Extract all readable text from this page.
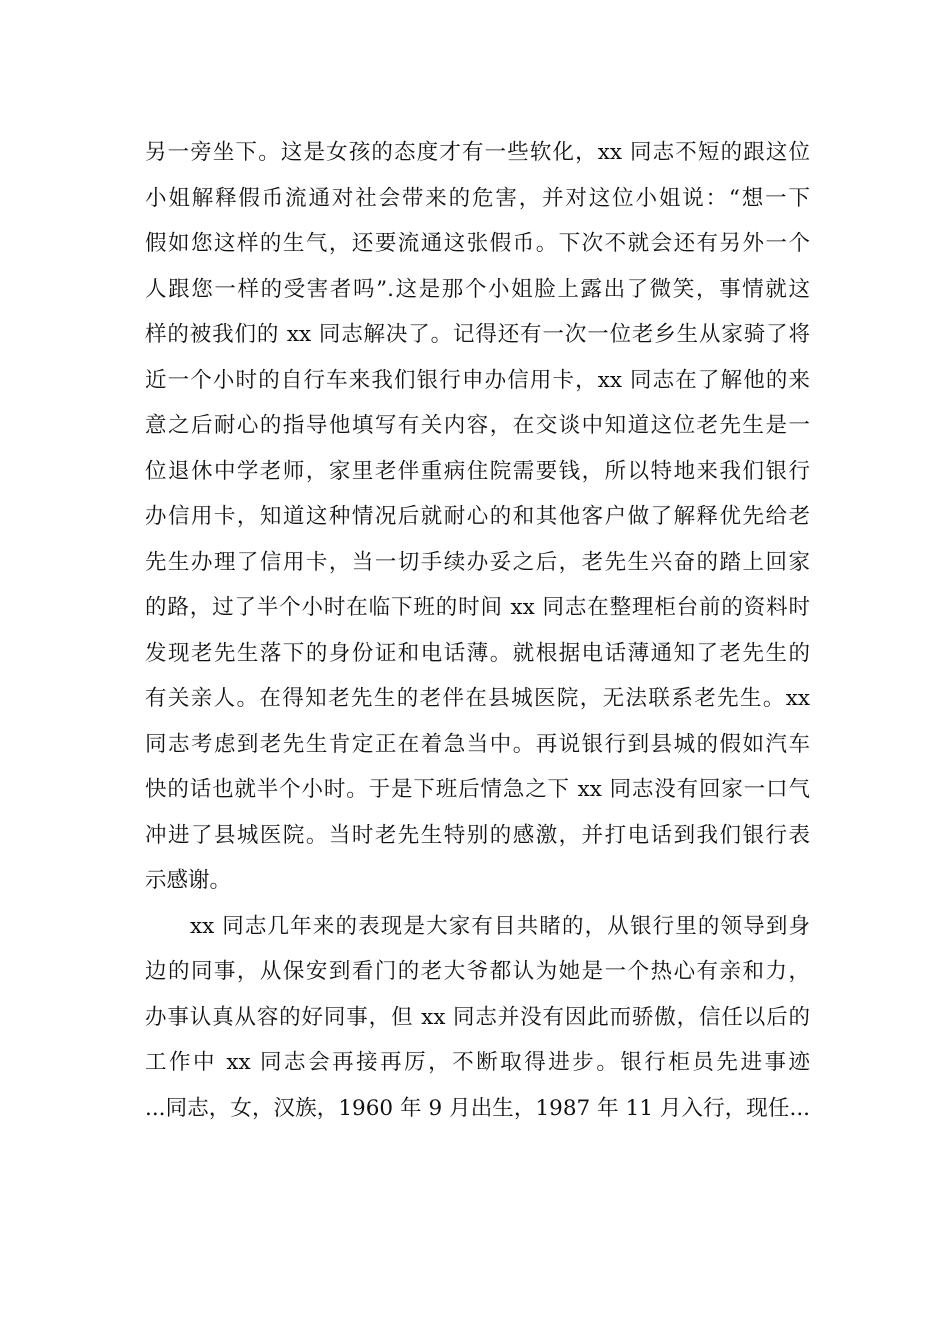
另一旁坐下。这是女孩的态度才有一些软化，xx 同志不短的跟这位
小姐解释假币流通对社会带来的危害，并对这位小姐说：“想一下
假如您这样的生气，还要流通这张假币。下次不就会还有另外一个
人跟您一样的受害者吗”.这是那个小姐脸上露出了微笑，事情就这
样的被我们的 xx 同志解决了。记得还有一次一位老乡生从家骑了将
近一个小时的自行车来我们银行申办信用卡，xx 同志在了解他的来
意之后耐心的指导他填写有关内容，在交谈中知道这位老先生是一
位退休中学老师，家里老伴重病住院需要钱，所以特地来我们银行
办信用卡，知道这种情况后就耐心的和其他客户做了解释优先给老
先生办理了信用卡，当一切手续办妥之后，老先生兴奋的踏上回家
的路，过了半个小时在临下班的时间 xx 同志在整理柜台前的资料时
发现老先生落下的身份证和电话薄。就根据电话薄通知了老先生的
有关亲人。在得知老先生的老伴在县城医院，无法联系老先生。xx
同志考虑到老先生肯定正在着急当中。再说银行到县城的假如汽车
快的话也就半个小时。于是下班后情急之下 xx 同志没有回家一口气
冲进了县城医院。当时老先生特别的感激，并打电话到我们银行表
示感谢。
xx 同志几年来的表现是大家有目共睹的，从银行里的领导到身
边的同事，从保安到看门的老大爷都认为她是一个热心有亲和力，
办事认真从容的好同事，但 xx 同志并没有因此而骄傲，信任以后的
工作中 xx 同志会再接再厉，不断取得进步。银行柜员先进事迹
...同志，女，汉族，1960 年 9 月出生，1987 年 11 月入行，现任...
